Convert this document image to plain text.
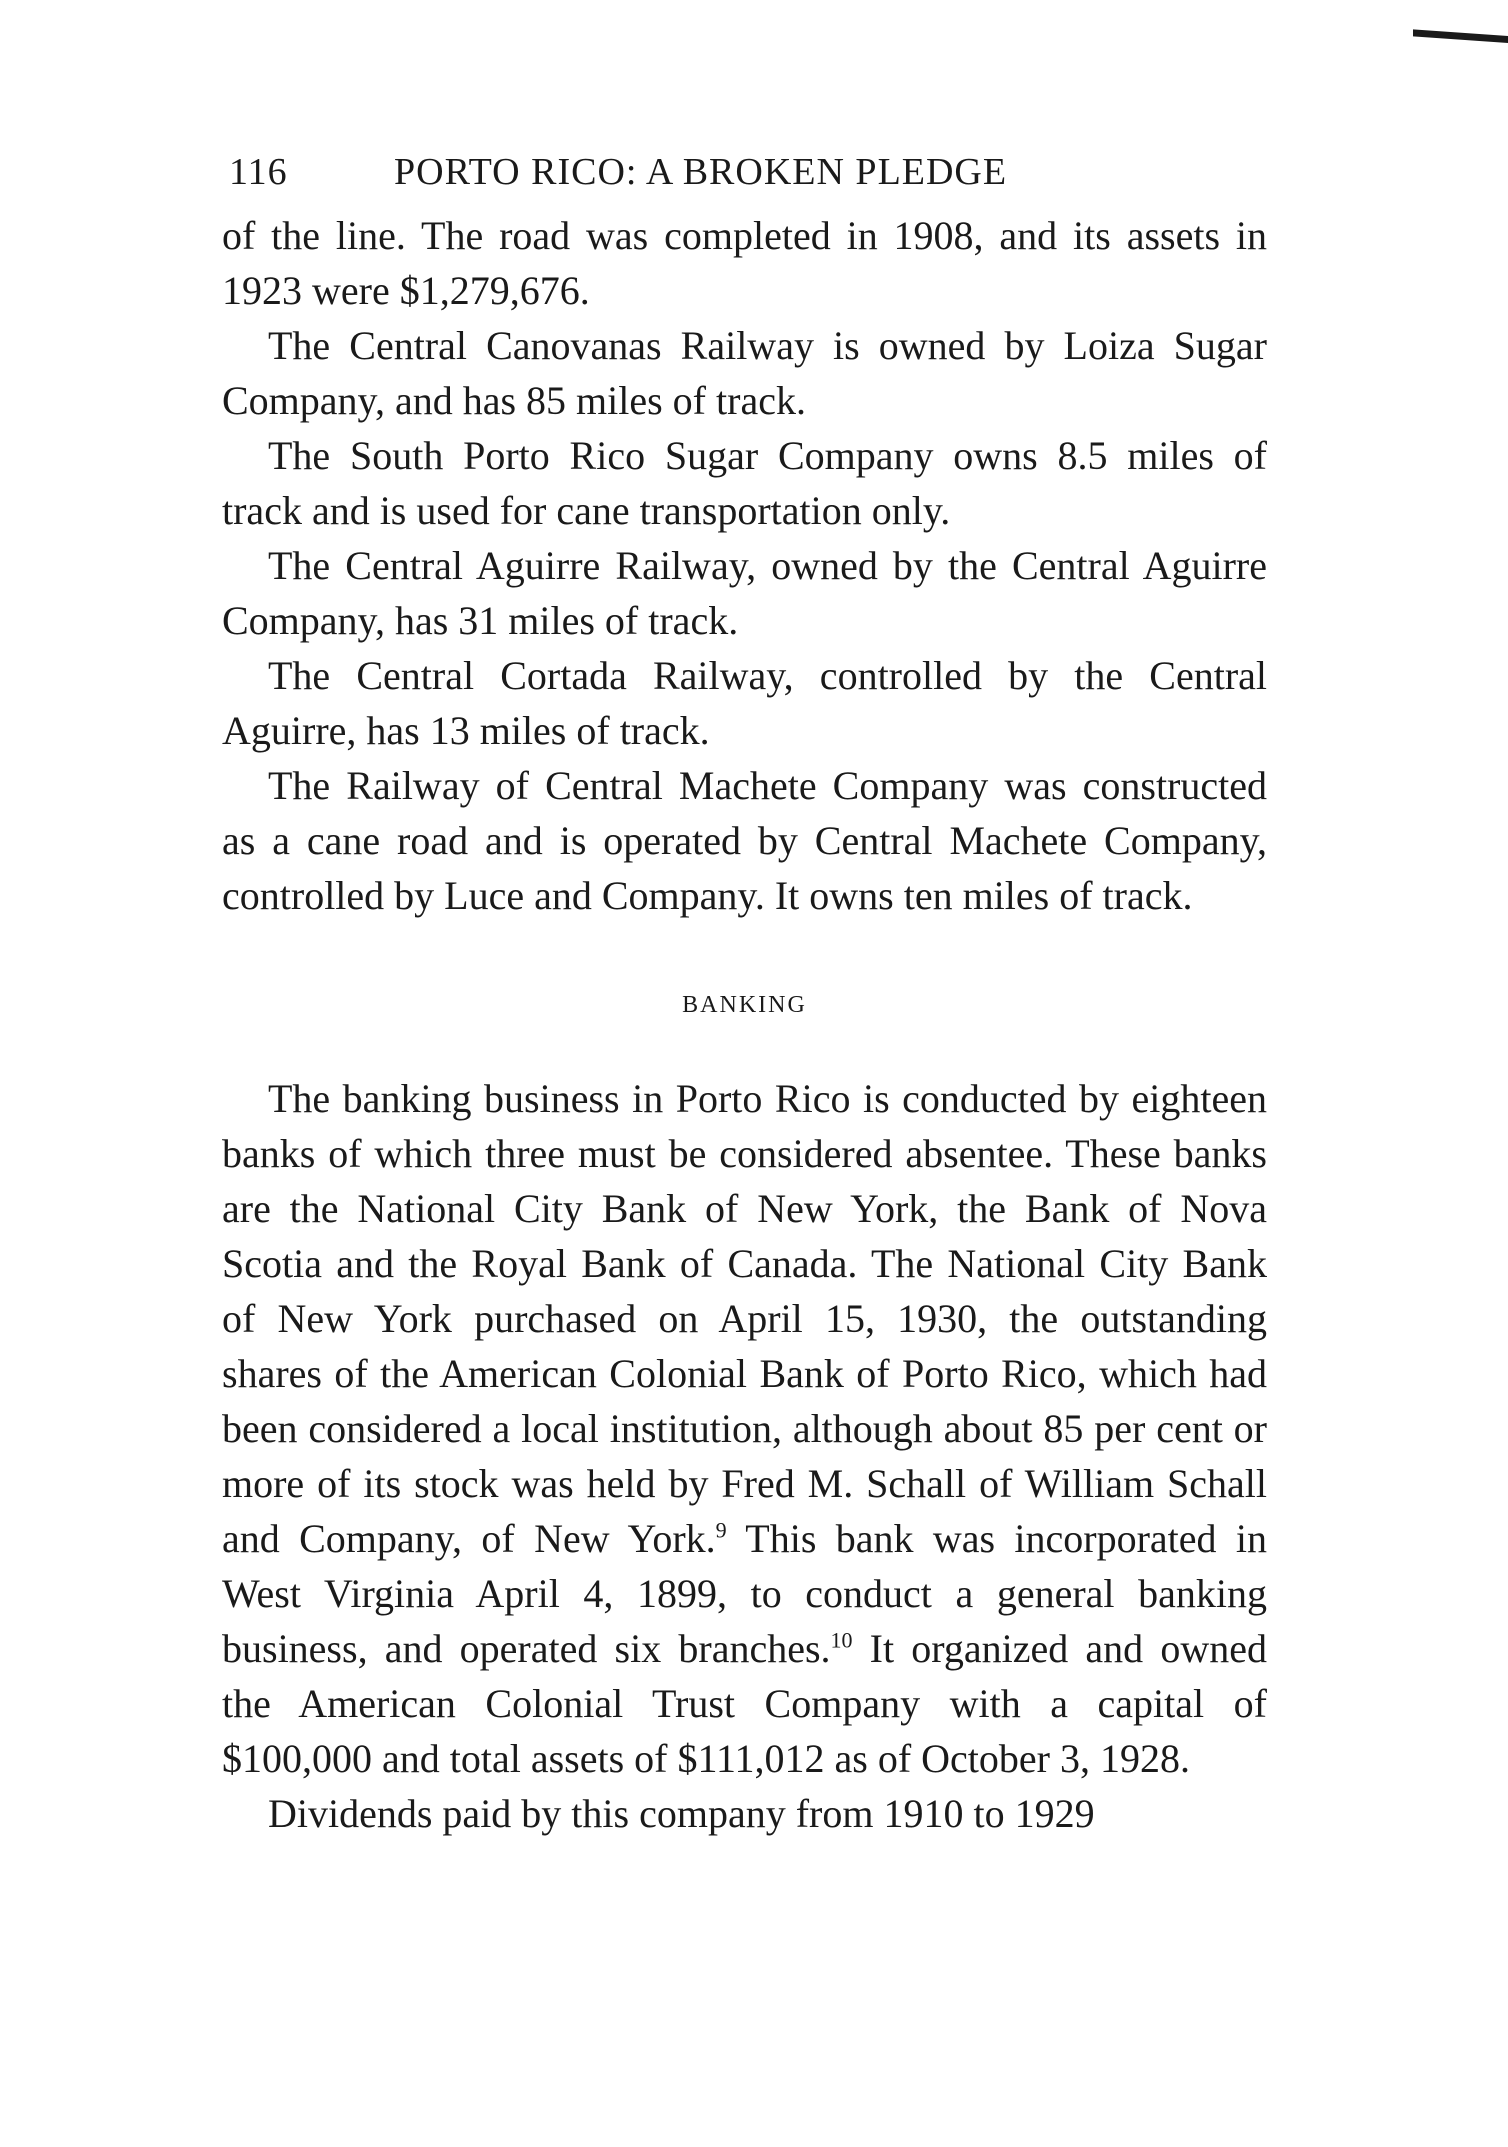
116	PORTO RICO: A BROKEN PLEDGE

of the line. The road was completed in 1908, and its assets in 1923 were $1,279,676.

The Central Canovanas Railway is owned by Loiza Sugar Company, and has 85 miles of track.

The South Porto Rico Sugar Company owns 8.5 miles of track and is used for cane transportation only.

The Central Aguirre Railway, owned by the Central Aguirre Company, has 31 miles of track.

The Central Cortada Railway, controlled by the Central Aguirre, has 13 miles of track.

The Railway of Central Machete Company was constructed as a cane road and is operated by Central Machete Company, controlled by Luce and Company. It owns ten miles of track.

BANKING

The banking business in Porto Rico is conducted by eighteen banks of which three must be considered absentee. These banks are the National City Bank of New York, the Bank of Nova Scotia and the Royal Bank of Canada. The National City Bank of New York purchased on April 15, 1930, the outstanding shares of the American Colonial Bank of Porto Rico, which had been considered a local institution, although about 85 per cent or more of its stock was held by Fred M. Schall of William Schall and Company, of New York.$^9$ This bank was incorporated in West Virginia April 4, 1899, to conduct a general banking business, and operated six branches.$^{10}$ It organized and owned the American Colonial Trust Company with a capital of $100,000 and total assets of $111,012 as of October 3, 1928.

Dividends paid by this company from 1910 to 1929
